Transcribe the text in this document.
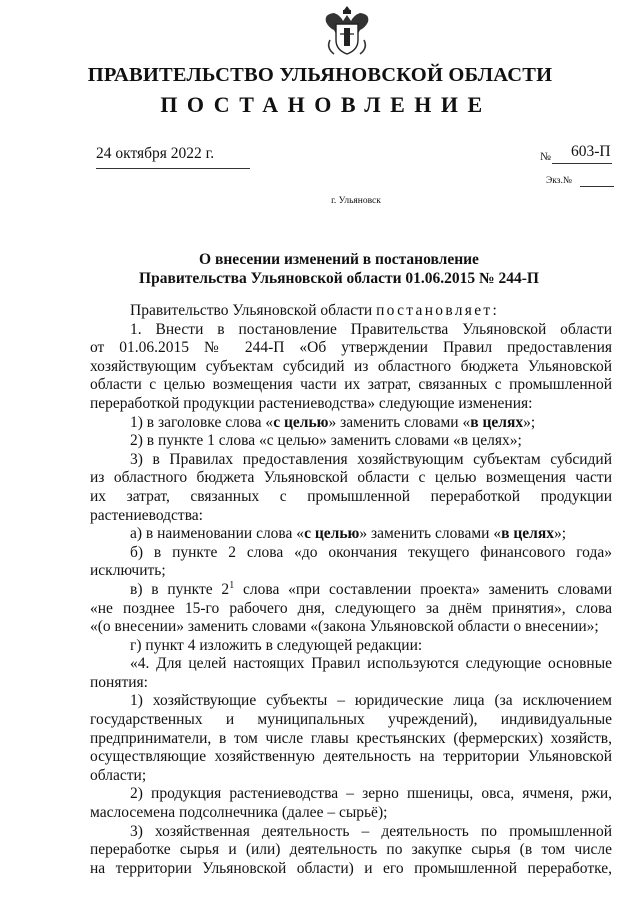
ПРАВИТЕЛЬСТВО УЛЬЯНОВСКОЙ ОБЛАСТИ
ПОСТАНОВЛЕНИЕ
24 октября 2022 г.	№ 603-П
Экз.№
г. Ульяновск
О внесении изменений в постановление
Правительства Ульяновской области 01.06.2015 № 244-П
Правительство Ульяновской области постановляет:
1. Внести в постановление Правительства Ульяновской области
от 01.06.2015 № 244-П «Об утверждении Правил предоставления
хозяйствующим субъектам субсидий из областного бюджета Ульяновской
области с целью возмещения части их затрат, связанных с промышленной
переработкой продукции растениеводства» следующие изменения:
1) в заголовке слова «с целью» заменить словами «в целях»;
2) в пункте 1 слова «с целью» заменить словами «в целях»;
3) в Правилах предоставления хозяйствующим субъектам субсидий
из областного бюджета Ульяновской области с целью возмещения части
их затрат, связанных с промышленной переработкой продукции
растениеводства:
а) в наименовании слова «с целью» заменить словами «в целях»;
б) в пункте 2 слова «до окончания текущего финансового года»
исключить;
в) в пункте $2^1$ слова «при составлении проекта» заменить словами
«не позднее 15-го рабочего дня, следующего за днём принятия», слова
«(о внесении» заменить словами «(закона Ульяновской области о внесении»;
г) пункт 4 изложить в следующей редакции:
«4. Для целей настоящих Правил используются следующие основные
понятия:
1) хозяйствующие субъекты – юридические лица (за исключением
государственных и муниципальных учреждений), индивидуальные
предприниматели, в том числе главы крестьянских (фермерских) хозяйств,
осуществляющие хозяйственную деятельность на территории Ульяновской
области;
2) продукция растениеводства – зерно пшеницы, овса, ячменя, ржи,
маслосемена подсолнечника (далее – сырьё);
3) хозяйственная деятельность – деятельность по промышленной
переработке сырья и (или) деятельность по закупке сырья (в том числе
на территории Ульяновской области) и его промышленной переработке,
